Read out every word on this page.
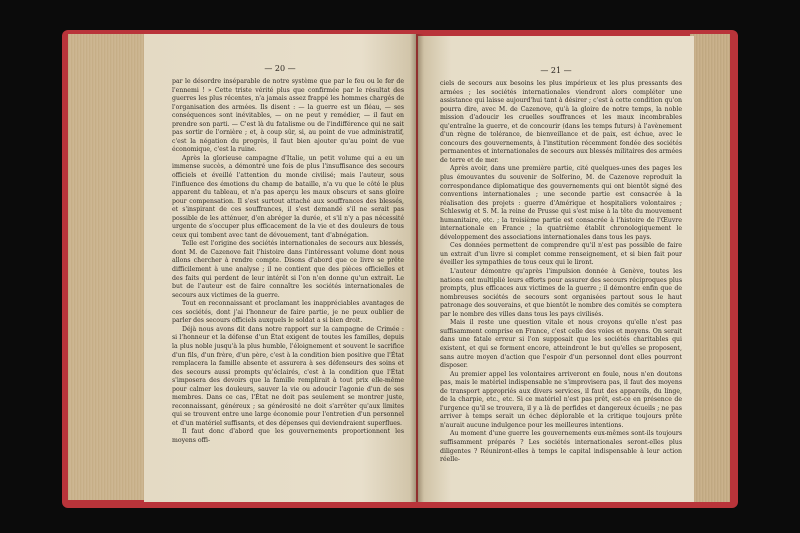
— 20 —

par le désordre inséparable de notre système que par le feu ou le fer de l'ennemi ! » Cette triste vérité plus que confirmée par le résultat des guerres les plus récentes, n'a jamais assez frappé les hommes chargés de l'organisation des armées. Ils disent : — la guerre est un fléau, — ses conséquences sont inévitables, — on ne peut y remédier, — il faut en prendre son parti. — C'est là du fatalisme ou de l'indifférence qui ne sait pas sortir de l'ornière ; et, à coup sûr, si, au point de vue administratif, c'est la négation du progrès, il faut bien ajouter qu'au point de vue économique, c'est la ruine.

Après la glorieuse campagne d'Italie, un petit volume qui a eu un immense succès, a démontré une fois de plus l'insuffisance des secours officiels et éveillé l'attention du monde civilisé; mais l'auteur, sous l'influence des émotions du champ de bataille, n'a vu que le côté le plus apparent du tableau, et n'a pas aperçu les maux obscurs et sans gloire pour compensation. Il s'est surtout attaché aux souffrances des blessés, et s'inspirant de ces souffrances, il s'est demandé s'il ne serait pas possible de les atténuer, d'en abréger la durée, et s'il n'y a pas nécessité urgente de s'occuper plus efficacement de la vie et des douleurs de tous ceux qui tombent avec tant de dévouement, tant d'abnégation.

Telle est l'origine des sociétés internationales de secours aux blessés, dont M. de Cazenove fait l'histoire dans l'intéressant volume dont nous allons chercher à rendre compte. Disons d'abord que ce livre se prête difficilement à une analyse ; il ne contient que des pièces officielles et des faits qui perdent de leur intérêt si l'on n'en donne qu'un extrait. Le but de l'auteur est de faire connaître les sociétés internationales de secours aux victimes de la guerre.

Tout en reconnaissant et proclamant les inappréciables avantages de ces sociétés, dont j'ai l'honneur de faire partie, je ne peux oublier de parler des secours officiels auxquels le soldat a si bien droit.

Déjà nous avons dit dans notre rapport sur la campagne de Crimée : si l'honneur et la défense d'un État exigent de toutes les familles, depuis la plus noble jusqu'à la plus humble, l'éloignement et souvent le sacrifice d'un fils, d'un frère, d'un père, c'est à la condition bien positive que l'État remplacera la famille absente et assurera à ses défenseurs des soins et des secours aussi prompts qu'éclairés, c'est à la condition que l'État s'imposera des devoirs que la famille remplirait à tout prix elle-même pour calmer les douleurs, sauver la vie ou adoucir l'agonie d'un de ses membres. Dans ce cas, l'État ne doit pas seulement se montrer juste, reconnaissant, généreux ; sa générosité ne doit s'arrêter qu'aux limites qui se trouvent entre une large économie pour l'entretien d'un personnel et d'un matériel suffisants, et des dépenses qui deviendraient superflues.

Il faut donc d'abord que les gouvernements proportionnent les moyens offi-

— 21 —

ciels de secours aux besoins les plus impérieux et les plus pressants des armées ; les sociétés internationales viendront alors compléter une assistance qui laisse aujourd'hui tant à désirer ; c'est à cette condition qu'on pourra dire, avec M. de Cazenove, qu'à la gloire de notre temps, la noble mission d'adoucir les cruelles souffrances et les maux incombrables qu'entraîne la guerre, et de concourir (dans les temps futurs) à l'avènement d'un règne de tolérance, de bienveillance et de paix, est échue, avec le concours des gouvernements, à l'institution récemment fondée des sociétés permanentes et internationales de secours aux blessés militaires des armées de terre et de mer.

Après avoir, dans une première partie, cité quelques-unes des pages les plus émouvantes du souvenir de Solferino, M. de Cazenove reproduit la correspondance diplomatique des gouvernements qui ont bientôt signé des conventions internationales ; une seconde partie est consacrée à la réalisation des projets : guerre d'Amérique et hospitaliers volontaires ; Schleswig et S. M. la reine de Prusse qui s'est mise à la tête du mouvement humanitaire, etc. ; la troisième partie est consacrée à l'histoire de l'Œuvre internationale en France ; la quatrième établit chronologiquement le développement des associations internationales dans tous les pays.

Ces données permettent de comprendre qu'il n'est pas possible de faire un extrait d'un livre si complet comme renseignement, et si bien fait pour éveiller les sympathies de tous ceux qui le liront.

L'auteur démontre qu'après l'impulsion donnée à Genève, toutes les nations ont multiplié leurs efforts pour assurer des secours réciproques plus prompts, plus efficaces aux victimes de la guerre ; il démontre enfin que de nombreuses sociétés de secours sont organisées partout sous le haut patronage des souverains, et que bientôt le nombre des comités se comptera par le nombre des villes dans tous les pays civilisés.

Mais il reste une question vitale et nous croyons qu'elle n'est pas suffisamment comprise en France, c'est celle des voies et moyens. On serait dans une fatale erreur si l'on supposait que les sociétés charitables qui existent, et qui se forment encore, atteindront le but qu'elles se proposent, sans autre moyen d'action que l'espoir d'un personnel dont elles pourront disposer.

Au premier appel les volontaires arriveront en foule, nous n'en doutons pas, mais le matériel indispensable ne s'improvisera pas, il faut des moyens de transport appropriés aux divers services, il faut des appareils, du linge, de la charpie, etc., etc. Si ce matériel n'est pas prêt, est-ce en présence de l'urgence qu'il se trouvera, il y a là de perfides et dangereux écueils ; ne pas arriver à temps serait un échec déplorable et la critique toujours prête n'aurait aucune indulgence pour les meilleures intentions.

Au moment d'une guerre les gouvernements eux-mêmes sont-ils toujours suffisamment préparés ? Les sociétés internationales seront-elles plus diligentes ? Réuniront-elles à temps le capital indispensable à leur action réelle-
